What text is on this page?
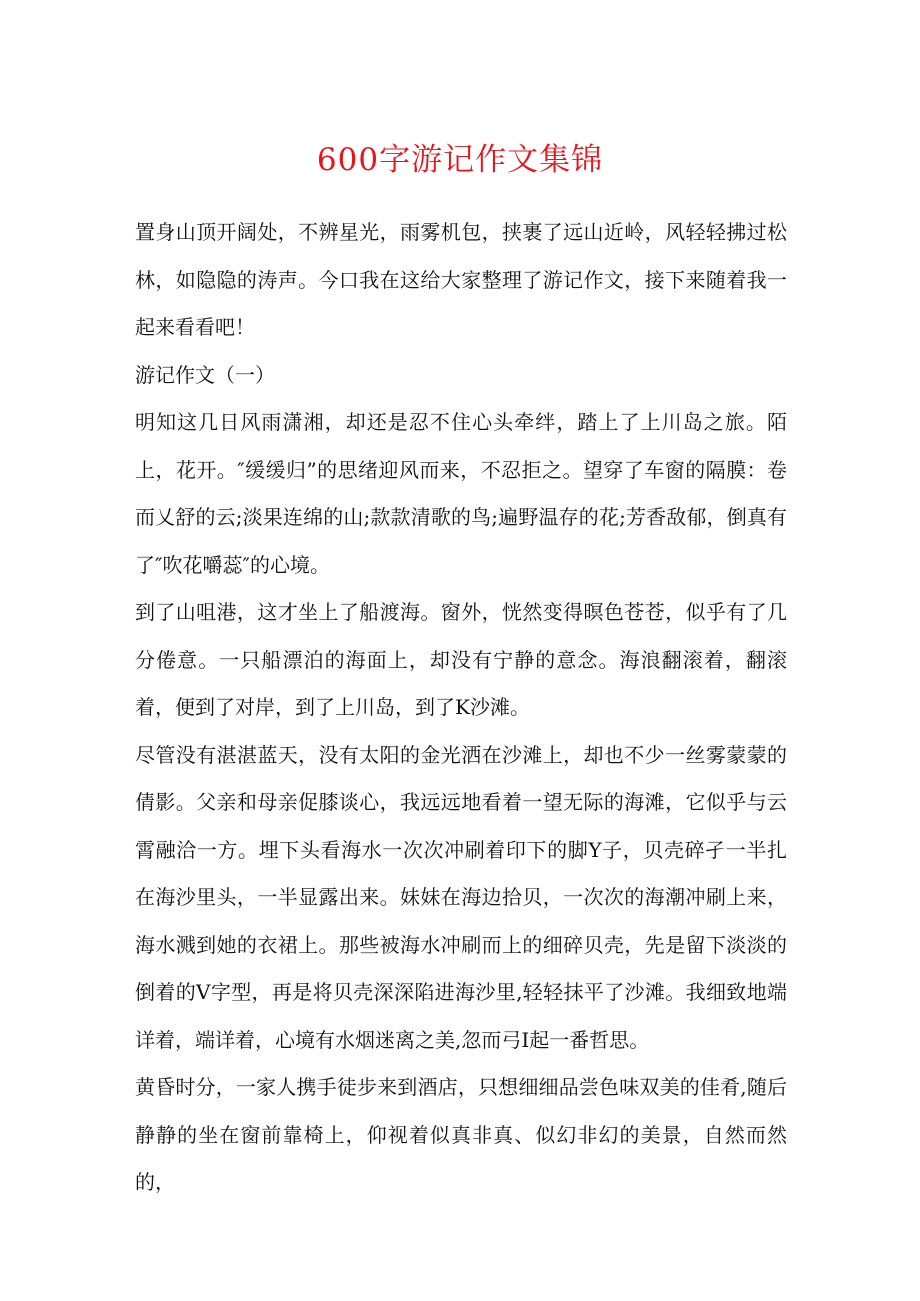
600字游记作文集锦

置身山顶开阔处，不辨星光，雨雾机包，挟裹了远山近岭，风轻轻拂过松林，如隐隐的涛声。今口我在这给大家整理了游记作文，接下来随着我一起来看看吧！

游记作文（一）

明知这几日风雨潇湘，却还是忍不住心头牵绊，踏上了上川岛之旅。陌上，花开。″缓缓归”的思绪迎风而来，不忍拒之。望穿了车窗的隔膜：卷而乂舒的云;淡果连绵的山;款款清歌的鸟;遍野温存的花;芳香敌郁，倒真有了″吹花嚼蕊″的心境。

到了山咀港，这才坐上了船渡海。窗外，恍然变得暝色苍苍，似乎有了几分倦意。一只船漂泊的海面上，却没有宁静的意念。海浪翻滚着，翻滚着，便到了对岸，到了上川岛，到了K沙滩。

尽管没有湛湛蓝天，没有太阳的金光洒在沙滩上，却也不少一丝雾蒙蒙的倩影。父亲和母亲促膝谈心，我远远地看着一望无际的海滩，它似乎与云霄融洽一方。埋下头看海水一次次冲刷着印下的脚Y子，贝壳碎孑一半扎在海沙里头，一半显露出来。妹妹在海边拾贝，一次次的海潮冲刷上来，海水溅到她的衣裙上。那些被海水冲刷而上的细碎贝壳，先是留下淡淡的倒着的V字型，再是将贝壳深深陷进海沙里,轻轻抹平了沙滩。我细致地端详着，端详着，心境有水烟迷离之美,忽而弓I起一番哲思。

黄昏时分，一家人携手徒步来到酒店，只想细细品尝色味双美的佳肴,随后静静的坐在窗前靠椅上，仰视着似真非真、似幻非幻的美景，自然而然的，
